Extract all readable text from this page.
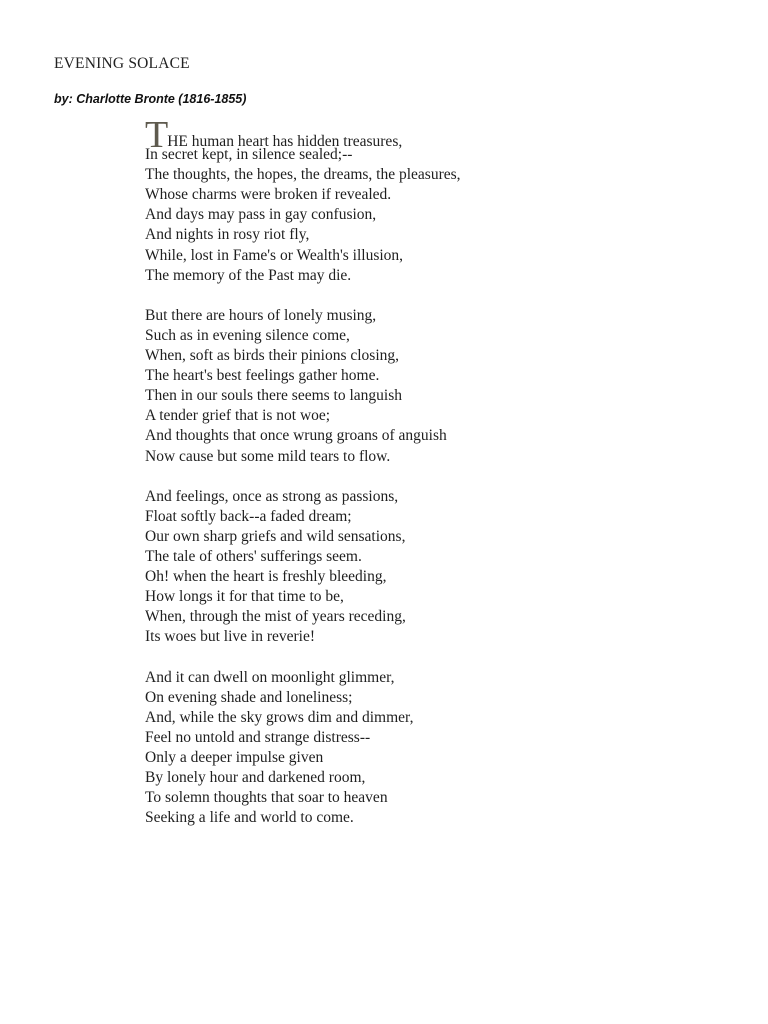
EVENING SOLACE
by: Charlotte Bronte (1816-1855)
THE human heart has hidden treasures,
In secret kept, in silence sealed;--
The thoughts, the hopes, the dreams, the pleasures,
Whose charms were broken if revealed.
And days may pass in gay confusion,
And nights in rosy riot fly,
While, lost in Fame's or Wealth's illusion,
The memory of the Past may die.
But there are hours of lonely musing,
Such as in evening silence come,
When, soft as birds their pinions closing,
The heart's best feelings gather home.
Then in our souls there seems to languish
A tender grief that is not woe;
And thoughts that once wrung groans of anguish
Now cause but some mild tears to flow.
And feelings, once as strong as passions,
Float softly back--a faded dream;
Our own sharp griefs and wild sensations,
The tale of others' sufferings seem.
Oh! when the heart is freshly bleeding,
How longs it for that time to be,
When, through the mist of years receding,
Its woes but live in reverie!
And it can dwell on moonlight glimmer,
On evening shade and loneliness;
And, while the sky grows dim and dimmer,
Feel no untold and strange distress--
Only a deeper impulse given
By lonely hour and darkened room,
To solemn thoughts that soar to heaven
Seeking a life and world to come.
